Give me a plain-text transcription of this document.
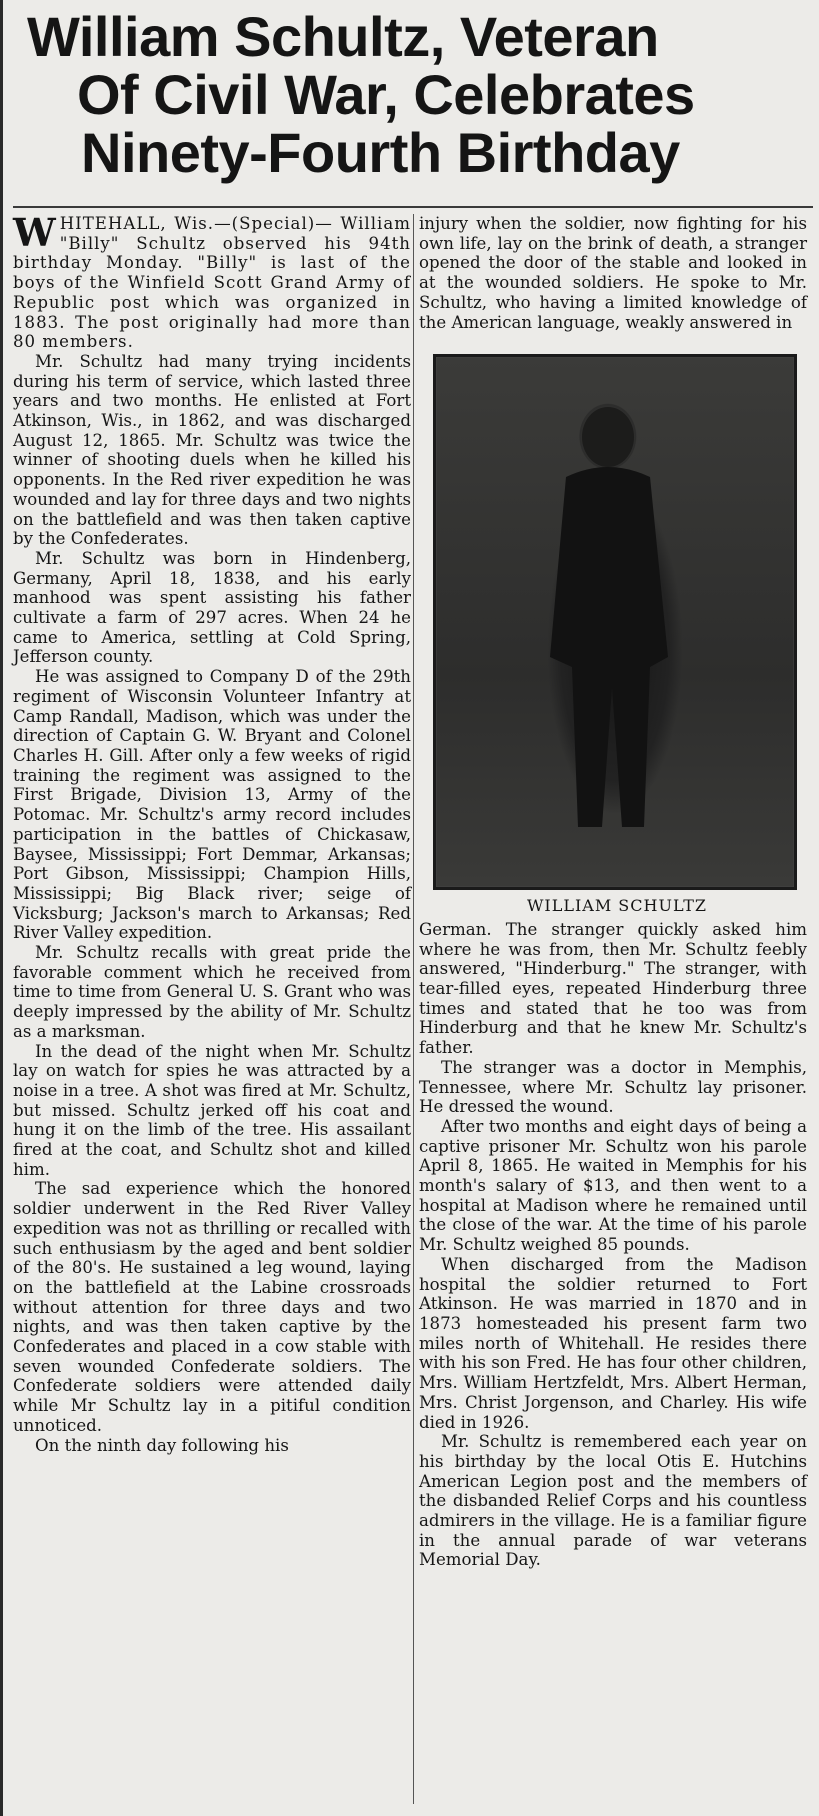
William Schultz, Veteran
Of Civil War, Celebrates
Ninety-Fourth Birthday

WHITEHALL, Wis.—(Special)— William "Billy" Schultz observed his 94th birthday Monday. "Billy" is last of the boys of the Winfield Scott Grand Army of Republic post which was organized in 1883. The post originally had more than 80 members.

Mr. Schultz had many trying incidents during his term of service, which lasted three years and two months. He enlisted at Fort Atkinson, Wis., in 1862, and was discharged August 12, 1865. Mr. Schultz was twice the winner of shooting duels when he killed his opponents. In the Red river expedition he was wounded and lay for three days and two nights on the battlefield and was then taken captive by the Confederates.

Mr. Schultz was born in Hindenberg, Germany, April 18, 1838, and his early manhood was spent assisting his father cultivate a farm of 297 acres. When 24 he came to America, settling at Cold Spring, Jefferson county.

He was assigned to Company D of the 29th regiment of Wisconsin Volunteer Infantry at Camp Randall, Madison, which was under the direction of Captain G. W. Bryant and Colonel Charles H. Gill. After only a few weeks of rigid training the regiment was assigned to the First Brigade, Division 13, Army of the Potomac. Mr. Schultz's army record includes participation in the battles of Chickasaw, Baysee, Mississippi; Fort Demmar, Arkansas; Port Gibson, Mississippi; Champion Hills, Mississippi; Big Black river; seige of Vicksburg; Jackson's march to Arkansas; Red River Valley expedition.

Mr. Schultz recalls with great pride the favorable comment which he received from time to time from General U. S. Grant who was deeply impressed by the ability of Mr. Schultz as a marksman.

In the dead of the night when Mr. Schultz lay on watch for spies he was attracted by a noise in a tree. A shot was fired at Mr. Schultz, but missed. Schultz jerked off his coat and hung it on the limb of the tree. His assailant fired at the coat, and Schultz shot and killed him.

The sad experience which the honored soldier underwent in the Red River Valley expedition was not as thrilling or recalled with such enthusiasm by the aged and bent soldier of the 80's. He sustained a leg wound, laying on the battlefield at the Labine crossroads without attention for three days and two nights, and was then taken captive by the Confederates and placed in a cow stable with seven wounded Confederate soldiers. The Confederate soldiers were attended daily while Mr Schultz lay in a pitiful condition unnoticed.

On the ninth day following his

injury when the soldier, now fighting for his own life, lay on the brink of death, a stranger opened the door of the stable and looked in at the wounded soldiers. He spoke to Mr. Schultz, who having a limited knowledge of the American language, weakly answered in

WILLIAM SCHULTZ

German. The stranger quickly asked him where he was from, then Mr. Schultz feebly answered, "Hinderburg." The stranger, with tear-filled eyes, repeated Hinderburg three times and stated that he too was from Hinderburg and that he knew Mr. Schultz's father.

The stranger was a doctor in Memphis, Tennessee, where Mr. Schultz lay prisoner. He dressed the wound.

After two months and eight days of being a captive prisoner Mr. Schultz won his parole April 8, 1865. He waited in Memphis for his month's salary of $13, and then went to a hospital at Madison where he remained until the close of the war. At the time of his parole Mr. Schultz weighed 85 pounds.

When discharged from the Madison hospital the soldier returned to Fort Atkinson. He was married in 1870 and in 1873 homesteaded his present farm two miles north of Whitehall. He resides there with his son Fred. He has four other children, Mrs. William Hertzfeldt, Mrs. Albert Herman, Mrs. Christ Jorgenson, and Charley. His wife died in 1926.

Mr. Schultz is remembered each year on his birthday by the local Otis E. Hutchins American Legion post and the members of the disbanded Relief Corps and his countless admirers in the village. He is a familiar figure in the annual parade of war veterans Memorial Day.
